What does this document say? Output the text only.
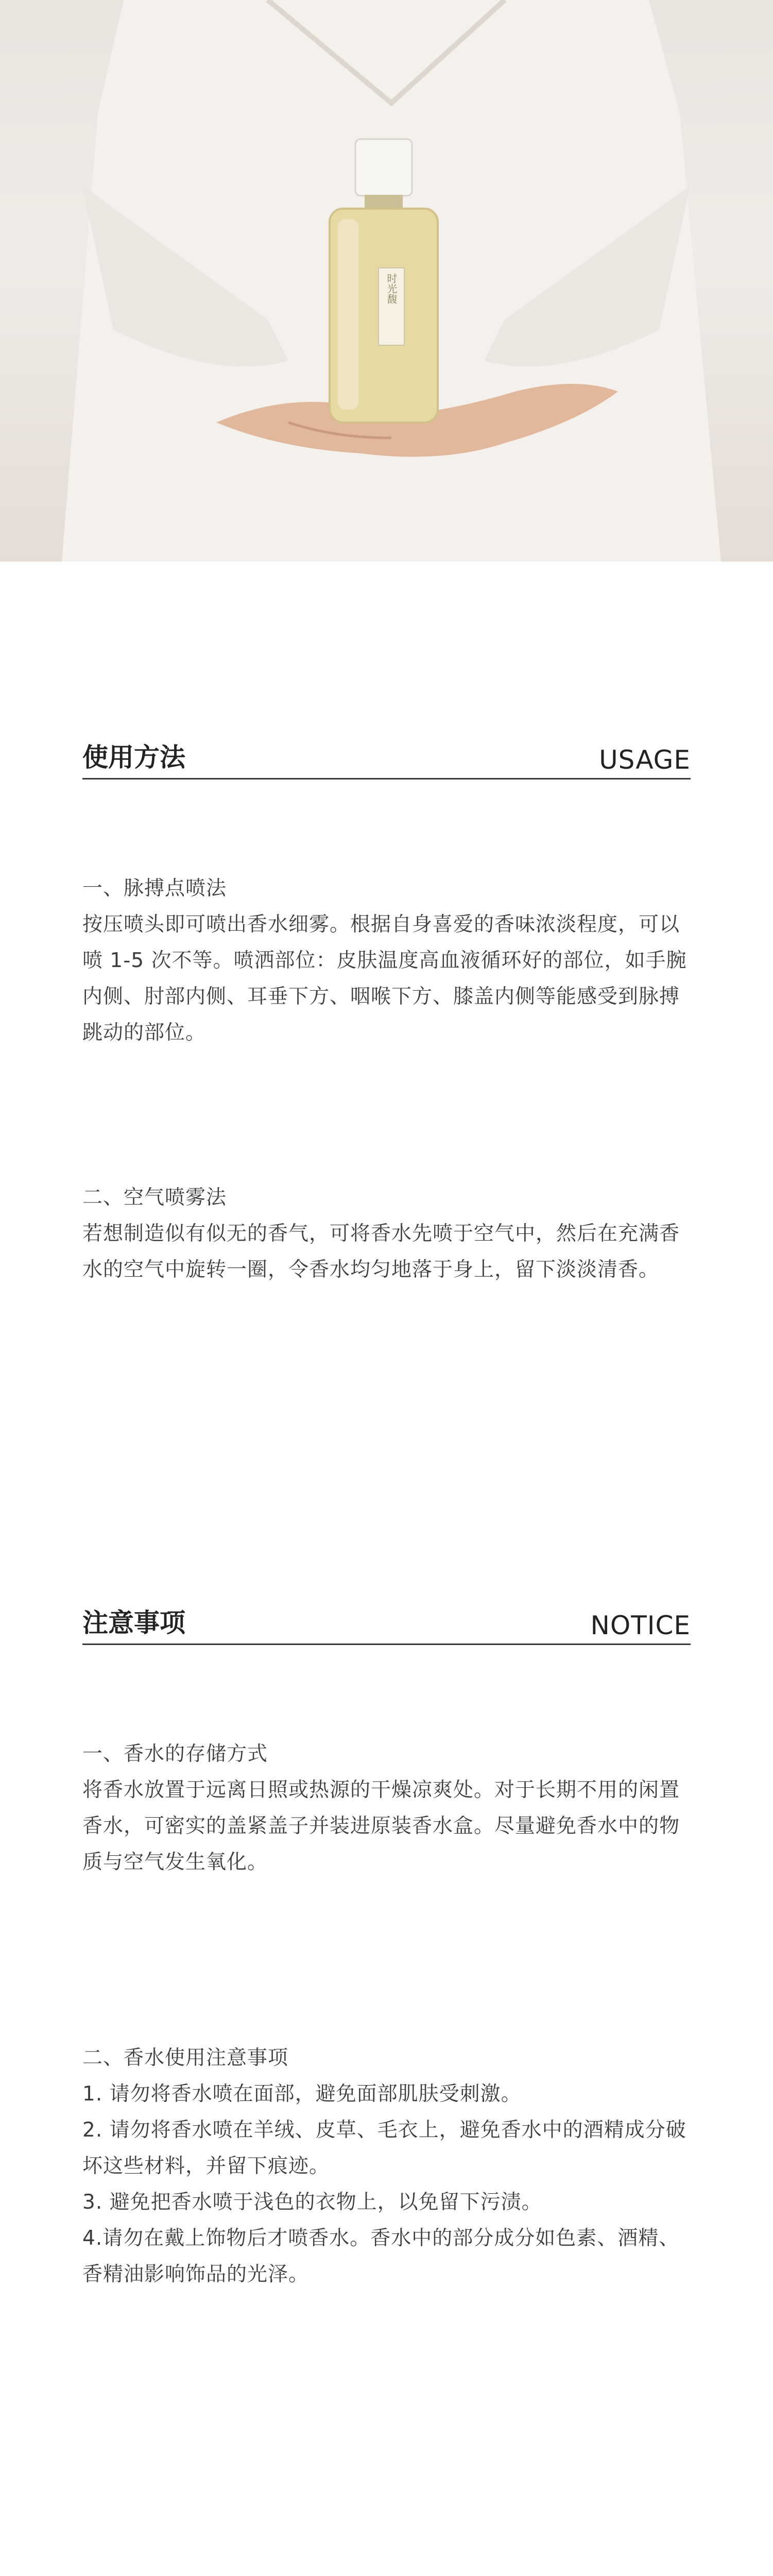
时光馥
使用方法	USAGE

一、脉搏点喷法

按压喷头即可喷出香水细雾。根据自身喜爱的香味浓淡程度，可以喷 1-5 次不等。喷洒部位：皮肤温度高血液循环好的部位，如手腕内侧、肘部内侧、耳垂下方、咽喉下方、膝盖内侧等能感受到脉搏跳动的部位。

二、空气喷雾法

若想制造似有似无的香气，可将香水先喷于空气中，然后在充满香水的空气中旋转一圈，令香水均匀地落于身上，留下淡淡清香。

注意事项	NOTICE

一、香水的存储方式

将香水放置于远离日照或热源的干燥凉爽处。对于长期不用的闲置香水，可密实的盖紧盖子并装进原装香水盒。尽量避免香水中的物质与空气发生氧化。

二、香水使用注意事项

1. 请勿将香水喷在面部，避免面部肌肤受刺激。

2. 请勿将香水喷在羊绒、皮草、毛衣上，避免香水中的酒精成分破坏这些材料，并留下痕迹。

3. 避免把香水喷于浅色的衣物上，以免留下污渍。

4.请勿在戴上饰物后才喷香水。香水中的部分成分如色素、酒精、香精油影响饰品的光泽。
